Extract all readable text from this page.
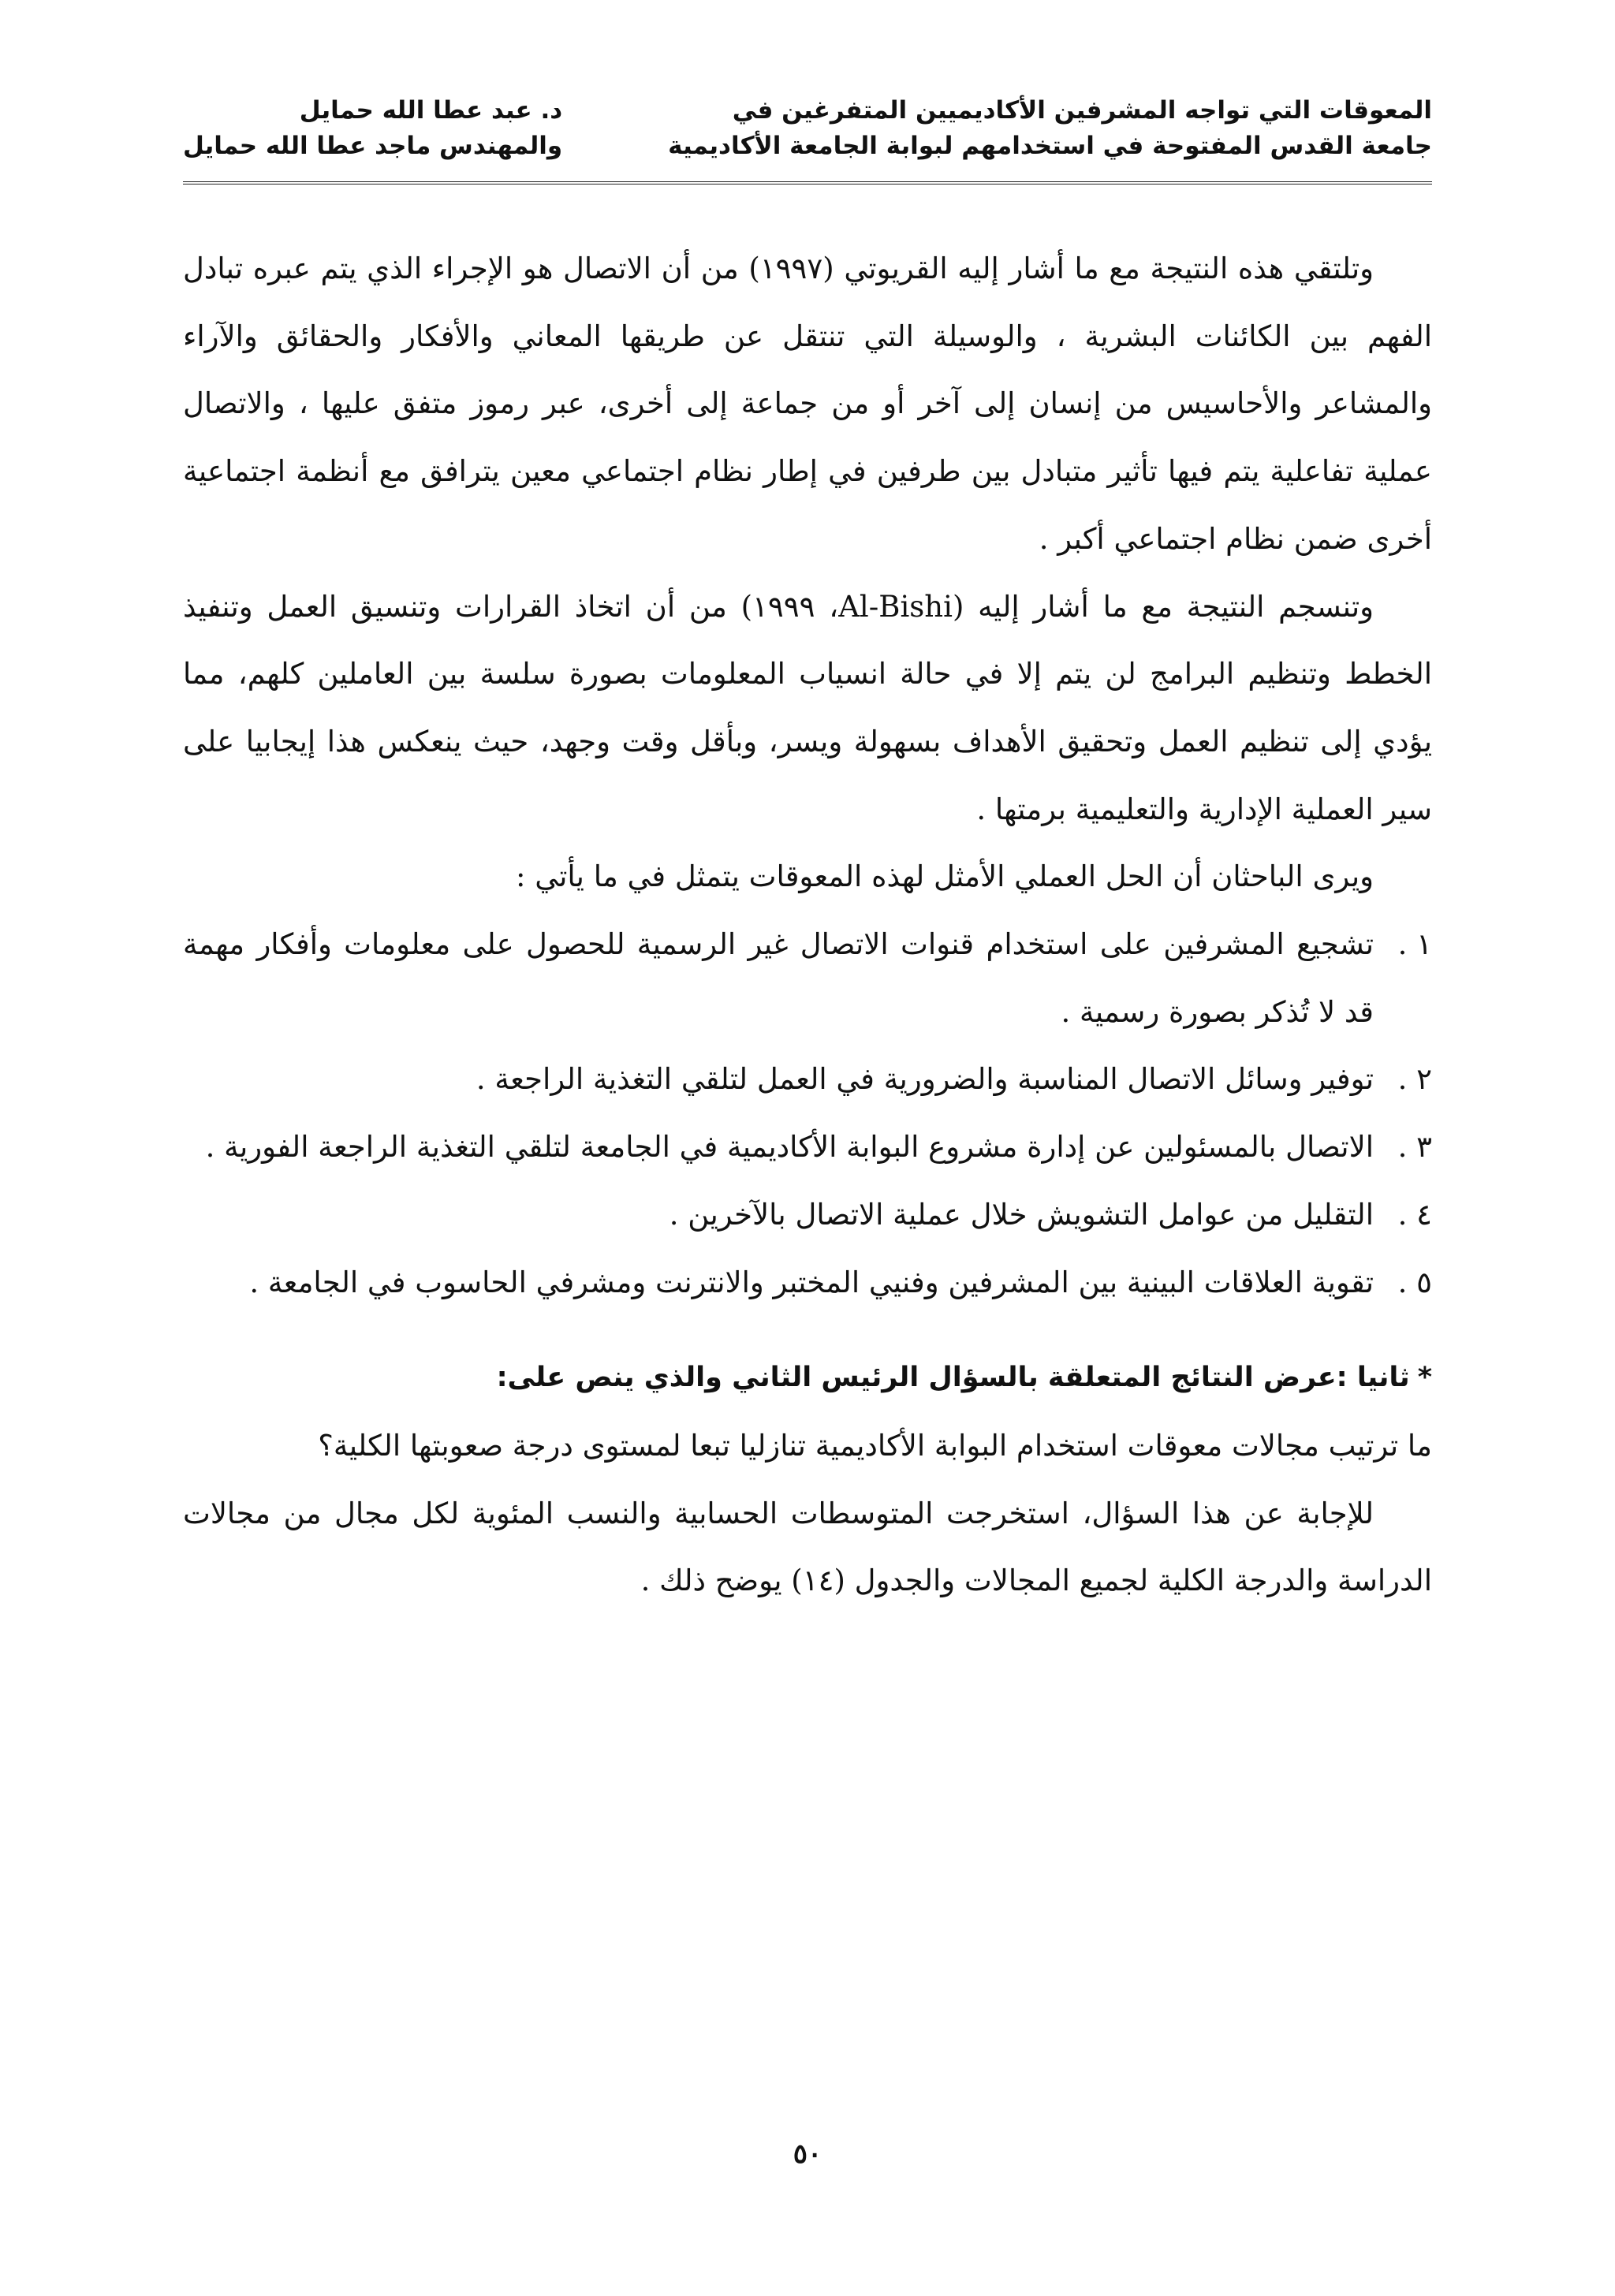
المعوقات التي تواجه المشرفين الأكاديميين المتفرغين في
جامعة القدس المفتوحة في استخدامهم لبوابة الجامعة الأكاديمية
د. عبد عطا الله حمايل
والمهندس ماجد عطا الله حمايل

وتلتقي هذه النتيجة مع ما أشار إليه القريوتي (١٩٩٧) من أن الاتصال هو الإجراء الذي يتم عبره تبادل الفهم بين الكائنات البشرية ، والوسيلة التي تنتقل عن طريقها المعاني والأفكار والحقائق والآراء والمشاعر والأحاسيس من إنسان إلى آخر أو من جماعة إلى أخرى، عبر رموز متفق عليها ، والاتصال عملية تفاعلية يتم فيها تأثير متبادل بين طرفين في إطار نظام اجتماعي معين يترافق مع أنظمة اجتماعية أخرى ضمن نظام اجتماعي أكبر .

وتنسجم النتيجة مع ما أشار إليه (Al-Bishi، ١٩٩٩) من أن اتخاذ القرارات وتنسيق العمل وتنفيذ الخطط وتنظيم البرامج لن يتم إلا في حالة انسياب المعلومات بصورة سلسة بين العاملين كلهم، مما يؤدي إلى تنظيم العمل وتحقيق الأهداف بسهولة ويسر، وبأقل وقت وجهد، حيث ينعكس هذا إيجابيا على سير العملية الإدارية والتعليمية برمتها .

ويرى الباحثان أن الحل العملي الأمثل لهذه المعوقات يتمثل في ما يأتي :

١ .
تشجيع المشرفين على استخدام قنوات الاتصال غير الرسمية للحصول على معلومات وأفكار مهمة قد لا تُذكر بصورة رسمية .
٢ .
توفير وسائل الاتصال المناسبة والضرورية في العمل لتلقي التغذية الراجعة .
٣ .
الاتصال بالمسئولين عن إدارة مشروع البوابة الأكاديمية في الجامعة لتلقي التغذية الراجعة الفورية .
٤ .
التقليل من عوامل التشويش خلال عملية الاتصال بالآخرين .
٥ .
تقوية العلاقات البينية بين المشرفين وفنيي المختبر والانترنت ومشرفي الحاسوب في الجامعة .

*ثانيا :عرض النتائج المتعلقة بالسؤال الرئيس الثاني والذي ينص على:

ما ترتيب مجالات معوقات استخدام البوابة الأكاديمية تنازليا تبعا لمستوى درجة صعوبتها الكلية؟

للإجابة عن هذا السؤال، استخرجت المتوسطات الحسابية والنسب المئوية لكل مجال من مجالات الدراسة والدرجة الكلية لجميع المجالات والجدول (١٤) يوضح ذلك .

٥٠
